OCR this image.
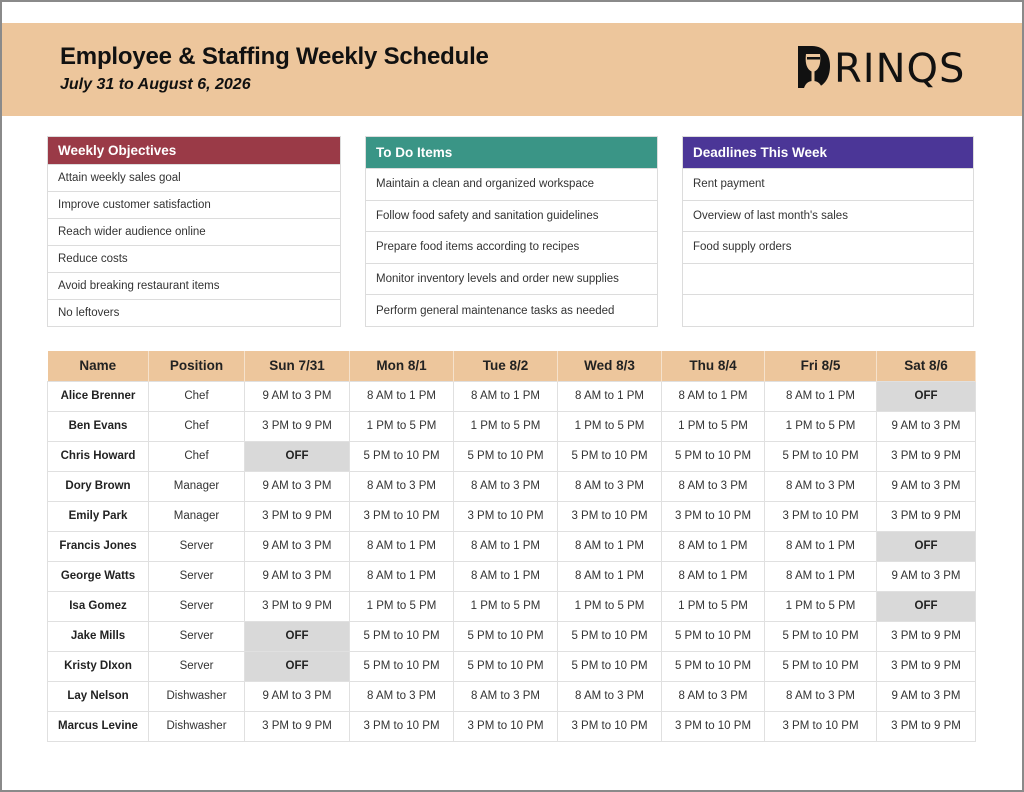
Employee & Staffing Weekly Schedule
July 31 to August 6, 2026	RINQS
Weekly Objectives
Attain weekly sales goal
Improve customer satisfaction
Reach wider audience online
Reduce costs
Avoid breaking restaurant items
No leftovers
To Do Items
Maintain a clean and organized workspace
Follow food safety and sanitation guidelines
Prepare food items according to recipes
Monitor inventory levels and order new supplies
Perform general maintenance tasks as needed
Deadlines This Week
Rent payment
Overview of last month's sales
Food supply orders
Name	Position	Sun 7/31	Mon 8/1	Tue 8/2	Wed 8/3	Thu 8/4	Fri 8/5	Sat 8/6
Alice Brenner	Chef	9 AM to 3 PM	8 AM to 1 PM	8 AM to 1 PM	8 AM to 1 PM	8 AM to 1 PM	8 AM to 1 PM	OFF
Ben Evans	Chef	3 PM to 9 PM	1 PM to 5 PM	1 PM to 5 PM	1 PM to 5 PM	1 PM to 5 PM	1 PM to 5 PM	9 AM to 3 PM
Chris Howard	Chef	OFF	5 PM to 10 PM	5 PM to 10 PM	5 PM to 10 PM	5 PM to 10 PM	5 PM to 10 PM	3 PM to 9 PM
Dory Brown	Manager	9 AM to 3 PM	8 AM to 3 PM	8 AM to 3 PM	8 AM to 3 PM	8 AM to 3 PM	8 AM to 3 PM	9 AM to 3 PM
Emily Park	Manager	3 PM to 9 PM	3 PM to 10 PM	3 PM to 10 PM	3 PM to 10 PM	3 PM to 10 PM	3 PM to 10 PM	3 PM to 9 PM
Francis Jones	Server	9 AM to 3 PM	8 AM to 1 PM	8 AM to 1 PM	8 AM to 1 PM	8 AM to 1 PM	8 AM to 1 PM	OFF
George Watts	Server	9 AM to 3 PM	8 AM to 1 PM	8 AM to 1 PM	8 AM to 1 PM	8 AM to 1 PM	8 AM to 1 PM	9 AM to 3 PM
Isa Gomez	Server	3 PM to 9 PM	1 PM to 5 PM	1 PM to 5 PM	1 PM to 5 PM	1 PM to 5 PM	1 PM to 5 PM	OFF
Jake Mills	Server	OFF	5 PM to 10 PM	5 PM to 10 PM	5 PM to 10 PM	5 PM to 10 PM	5 PM to 10 PM	3 PM to 9 PM
Kristy DIxon	Server	OFF	5 PM to 10 PM	5 PM to 10 PM	5 PM to 10 PM	5 PM to 10 PM	5 PM to 10 PM	3 PM to 9 PM
Lay Nelson	Dishwasher	9 AM to 3 PM	8 AM to 3 PM	8 AM to 3 PM	8 AM to 3 PM	8 AM to 3 PM	8 AM to 3 PM	9 AM to 3 PM
Marcus Levine	Dishwasher	3 PM to 9 PM	3 PM to 10 PM	3 PM to 10 PM	3 PM to 10 PM	3 PM to 10 PM	3 PM to 10 PM	3 PM to 9 PM
